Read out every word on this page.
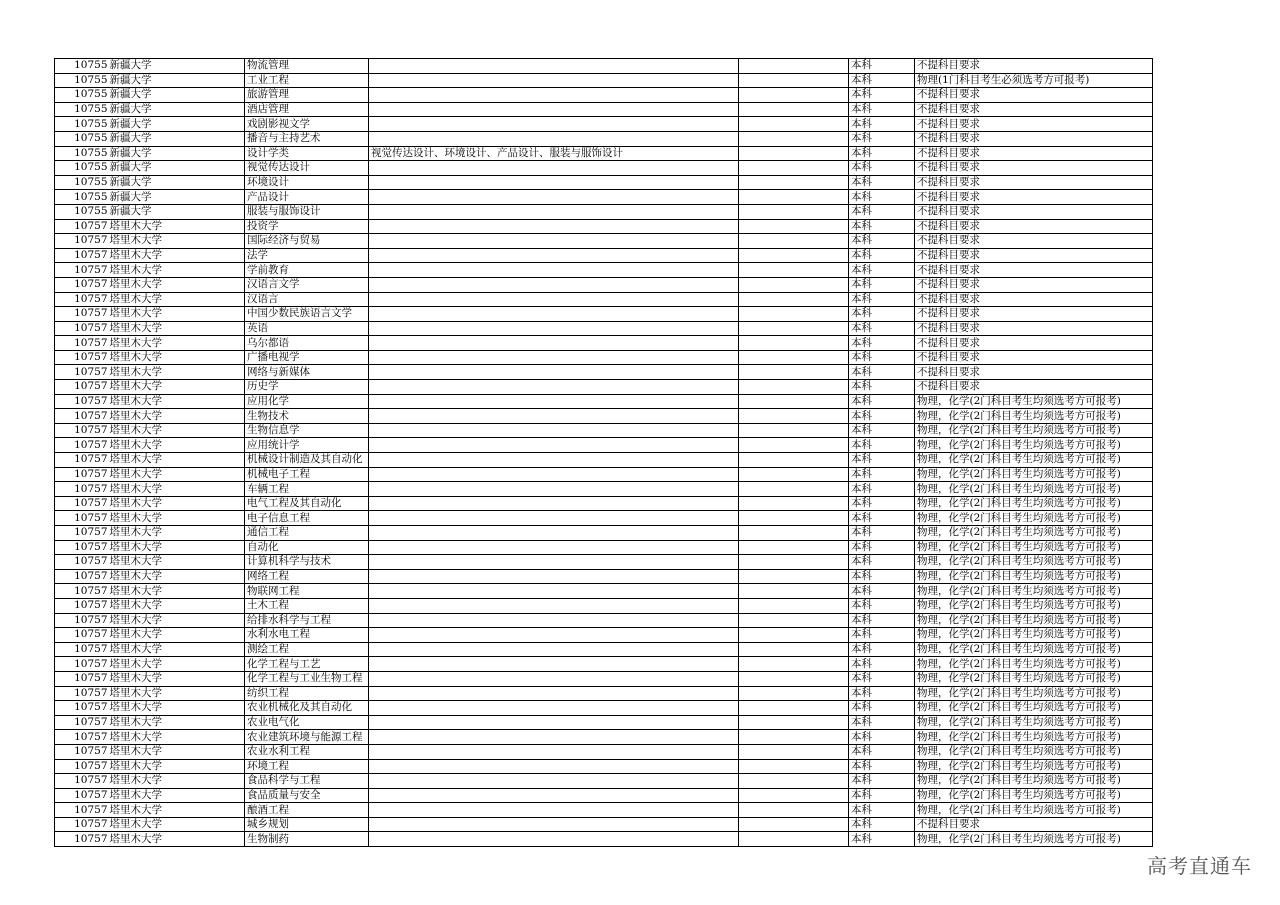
10755	新疆大学	物流管理			本科	不提科目要求
10755	新疆大学	工业工程			本科	物理(1门科目考生必须选考方可报考)
10755	新疆大学	旅游管理			本科	不提科目要求
10755	新疆大学	酒店管理			本科	不提科目要求
10755	新疆大学	戏剧影视文学			本科	不提科目要求
10755	新疆大学	播音与主持艺术			本科	不提科目要求
10755	新疆大学	设计学类	视觉传达设计、环境设计、产品设计、服装与服饰设计		本科	不提科目要求
10755	新疆大学	视觉传达设计			本科	不提科目要求
10755	新疆大学	环境设计			本科	不提科目要求
10755	新疆大学	产品设计			本科	不提科目要求
10755	新疆大学	服装与服饰设计			本科	不提科目要求
10757	塔里木大学	投资学			本科	不提科目要求
10757	塔里木大学	国际经济与贸易			本科	不提科目要求
10757	塔里木大学	法学			本科	不提科目要求
10757	塔里木大学	学前教育			本科	不提科目要求
10757	塔里木大学	汉语言文学			本科	不提科目要求
10757	塔里木大学	汉语言			本科	不提科目要求
10757	塔里木大学	中国少数民族语言文学			本科	不提科目要求
10757	塔里木大学	英语			本科	不提科目要求
10757	塔里木大学	乌尔都语			本科	不提科目要求
10757	塔里木大学	广播电视学			本科	不提科目要求
10757	塔里木大学	网络与新媒体			本科	不提科目要求
10757	塔里木大学	历史学			本科	不提科目要求
10757	塔里木大学	应用化学			本科	物理，化学(2门科目考生均须选考方可报考)
10757	塔里木大学	生物技术			本科	物理，化学(2门科目考生均须选考方可报考)
10757	塔里木大学	生物信息学			本科	物理，化学(2门科目考生均须选考方可报考)
10757	塔里木大学	应用统计学			本科	物理，化学(2门科目考生均须选考方可报考)
10757	塔里木大学	机械设计制造及其自动化			本科	物理，化学(2门科目考生均须选考方可报考)
10757	塔里木大学	机械电子工程			本科	物理，化学(2门科目考生均须选考方可报考)
10757	塔里木大学	车辆工程			本科	物理，化学(2门科目考生均须选考方可报考)
10757	塔里木大学	电气工程及其自动化			本科	物理，化学(2门科目考生均须选考方可报考)
10757	塔里木大学	电子信息工程			本科	物理，化学(2门科目考生均须选考方可报考)
10757	塔里木大学	通信工程			本科	物理，化学(2门科目考生均须选考方可报考)
10757	塔里木大学	自动化			本科	物理，化学(2门科目考生均须选考方可报考)
10757	塔里木大学	计算机科学与技术			本科	物理，化学(2门科目考生均须选考方可报考)
10757	塔里木大学	网络工程			本科	物理，化学(2门科目考生均须选考方可报考)
10757	塔里木大学	物联网工程			本科	物理，化学(2门科目考生均须选考方可报考)
10757	塔里木大学	土木工程			本科	物理，化学(2门科目考生均须选考方可报考)
10757	塔里木大学	给排水科学与工程			本科	物理，化学(2门科目考生均须选考方可报考)
10757	塔里木大学	水利水电工程			本科	物理，化学(2门科目考生均须选考方可报考)
10757	塔里木大学	测绘工程			本科	物理，化学(2门科目考生均须选考方可报考)
10757	塔里木大学	化学工程与工艺			本科	物理，化学(2门科目考生均须选考方可报考)
10757	塔里木大学	化学工程与工业生物工程			本科	物理，化学(2门科目考生均须选考方可报考)
10757	塔里木大学	纺织工程			本科	物理，化学(2门科目考生均须选考方可报考)
10757	塔里木大学	农业机械化及其自动化			本科	物理，化学(2门科目考生均须选考方可报考)
10757	塔里木大学	农业电气化			本科	物理，化学(2门科目考生均须选考方可报考)
10757	塔里木大学	农业建筑环境与能源工程			本科	物理，化学(2门科目考生均须选考方可报考)
10757	塔里木大学	农业水利工程			本科	物理，化学(2门科目考生均须选考方可报考)
10757	塔里木大学	环境工程			本科	物理，化学(2门科目考生均须选考方可报考)
10757	塔里木大学	食品科学与工程			本科	物理，化学(2门科目考生均须选考方可报考)
10757	塔里木大学	食品质量与安全			本科	物理，化学(2门科目考生均须选考方可报考)
10757	塔里木大学	酿酒工程			本科	物理，化学(2门科目考生均须选考方可报考)
10757	塔里木大学	城乡规划			本科	不提科目要求
10757	塔里木大学	生物制药			本科	物理，化学(2门科目考生均须选考方可报考)
高考直通车
